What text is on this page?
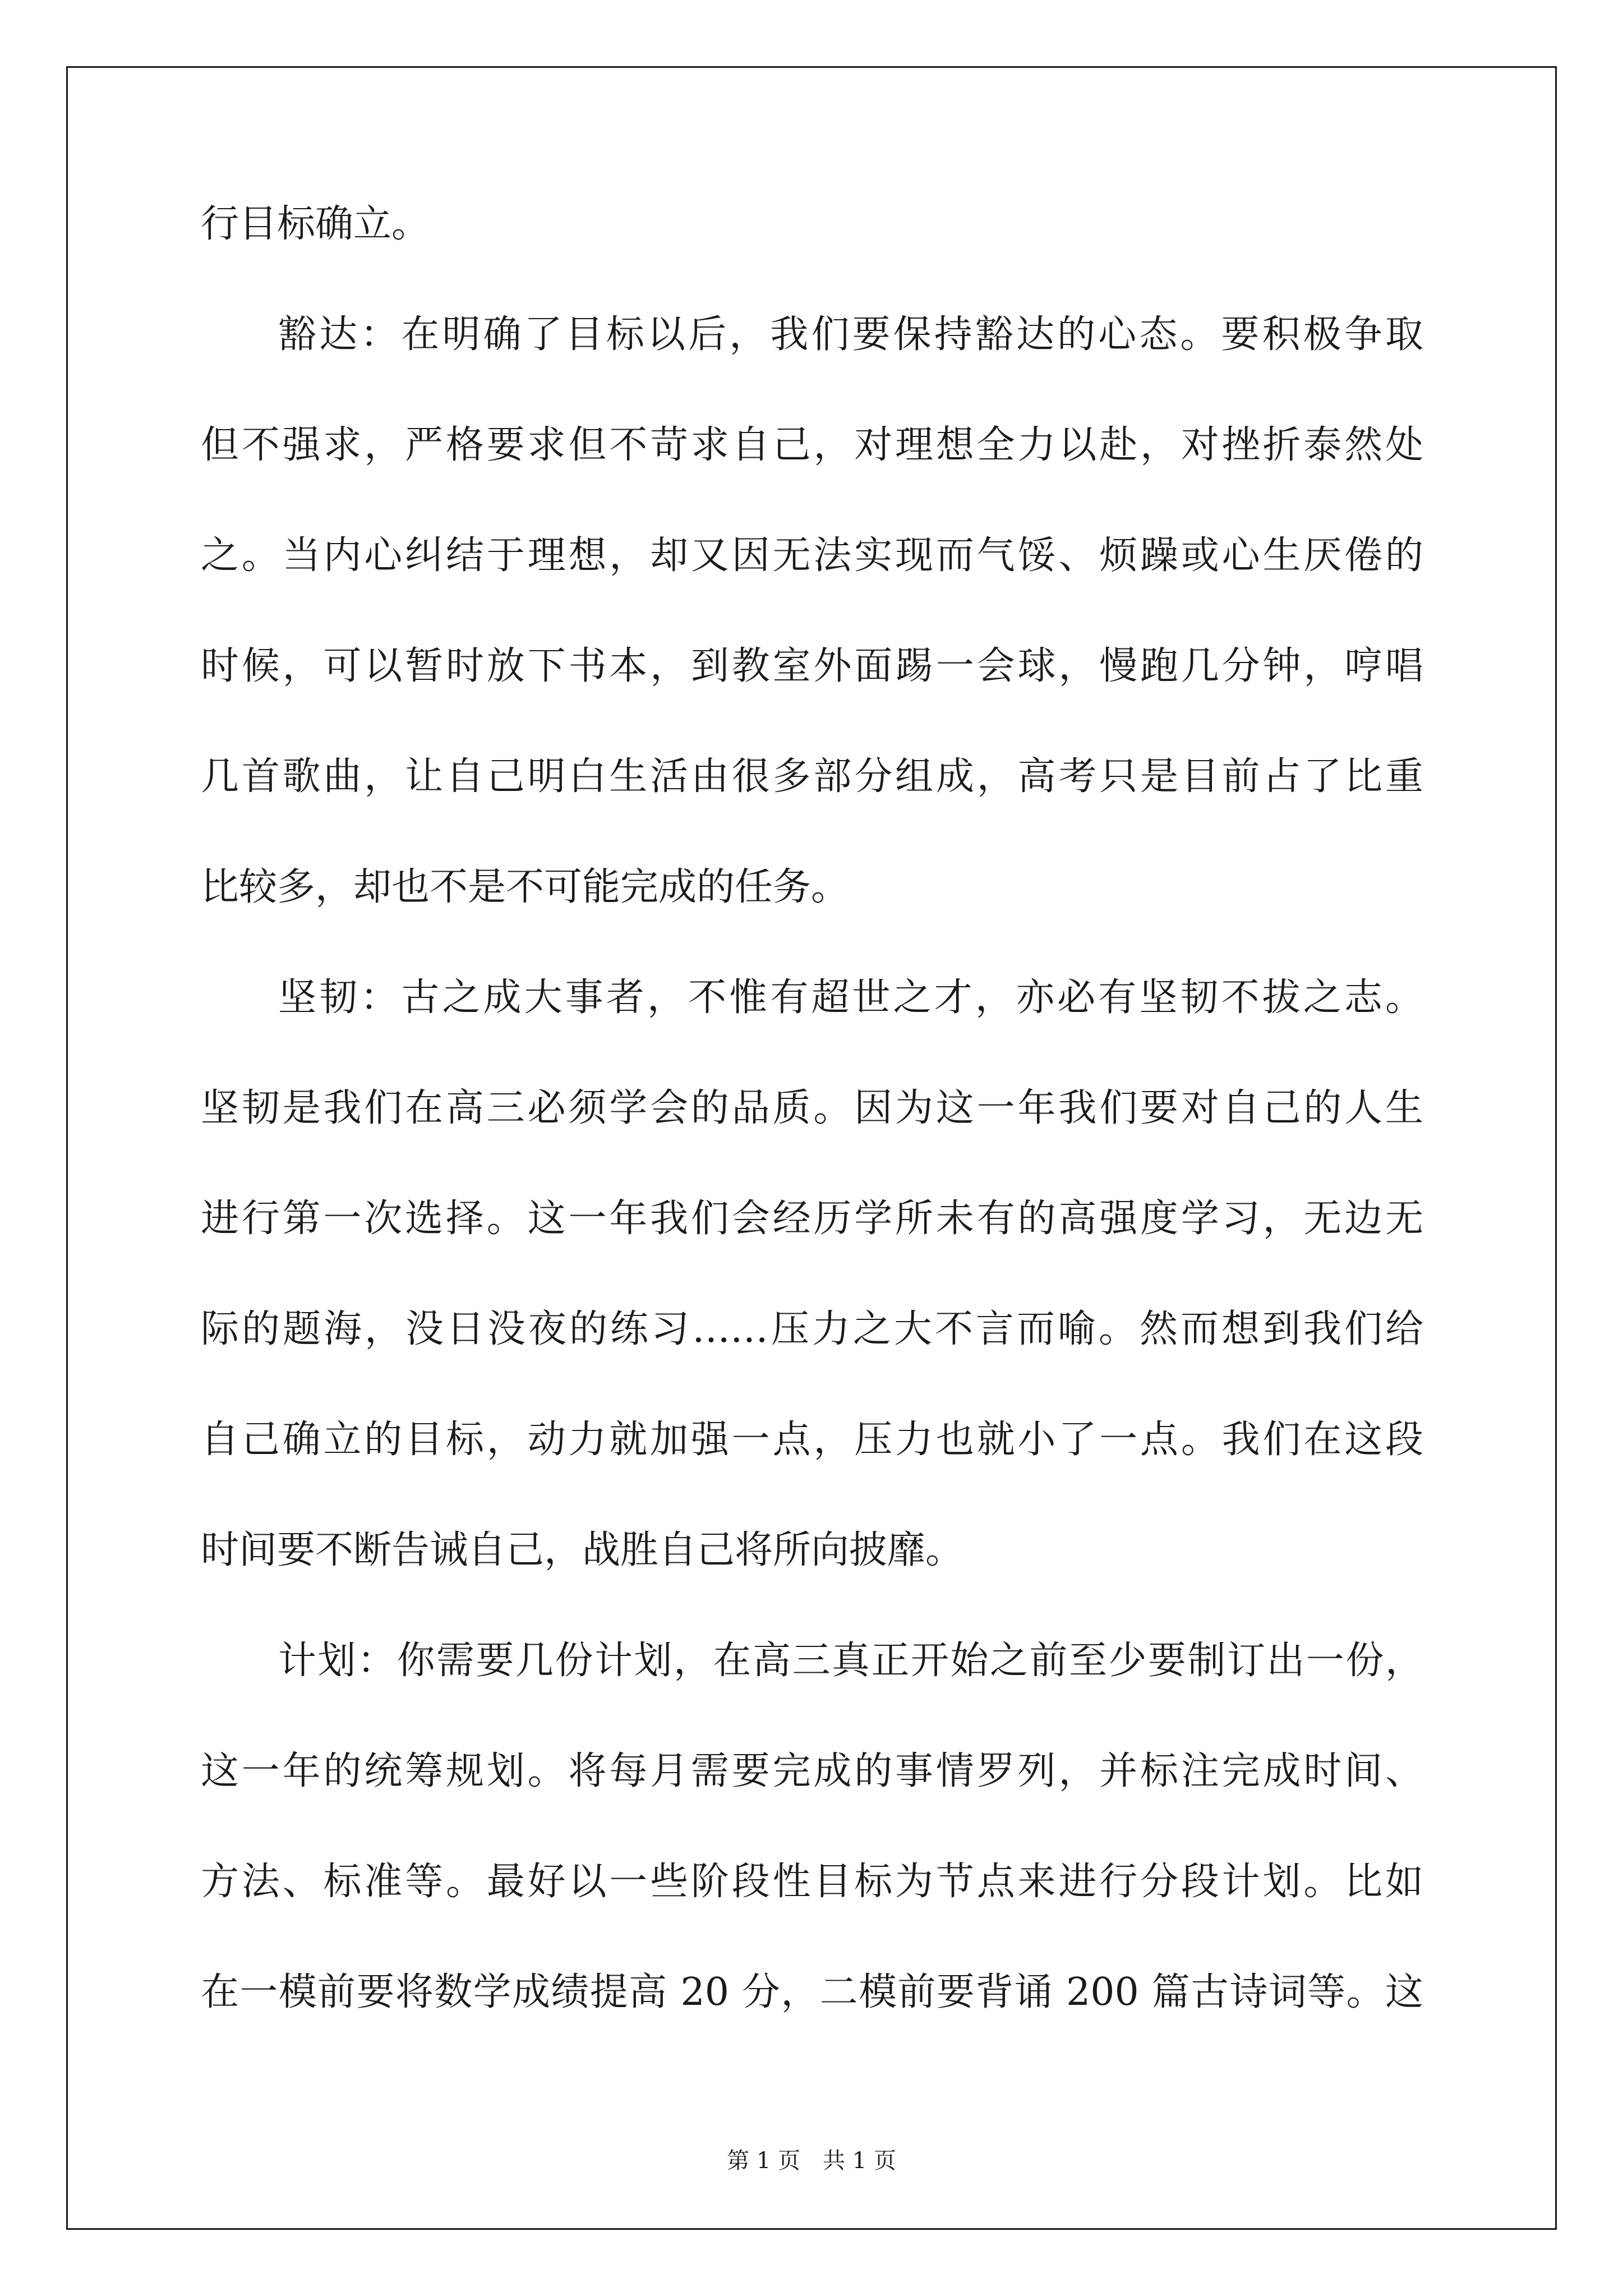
行目标确立。
豁达：在明确了目标以后，我们要保持豁达的心态。要积极争取
但不强求，严格要求但不苛求自己，对理想全力以赴，对挫折泰然处
之。当内心纠结于理想，却又因无法实现而气馁、烦躁或心生厌倦的
时候，可以暂时放下书本，到教室外面踢一会球，慢跑几分钟，哼唱
几首歌曲，让自己明白生活由很多部分组成，高考只是目前占了比重
比较多，却也不是不可能完成的任务。
坚韧：古之成大事者，不惟有超世之才，亦必有坚韧不拔之志。
坚韧是我们在高三必须学会的品质。因为这一年我们要对自己的人生
进行第一次选择。这一年我们会经历学所未有的高强度学习，无边无
际的题海，没日没夜的练习……压力之大不言而喻。然而想到我们给
自己确立的目标，动力就加强一点，压力也就小了一点。我们在这段
时间要不断告诫自己，战胜自己将所向披靡。
计划：你需要几份计划，在高三真正开始之前至少要制订出一份，
这一年的统筹规划。将每月需要完成的事情罗列，并标注完成时间、
方法、标准等。最好以一些阶段性目标为节点来进行分段计划。比如
在一模前要将数学成绩提高 20 分，二模前要背诵 200 篇古诗词等。这
第 1 页　共 1 页
